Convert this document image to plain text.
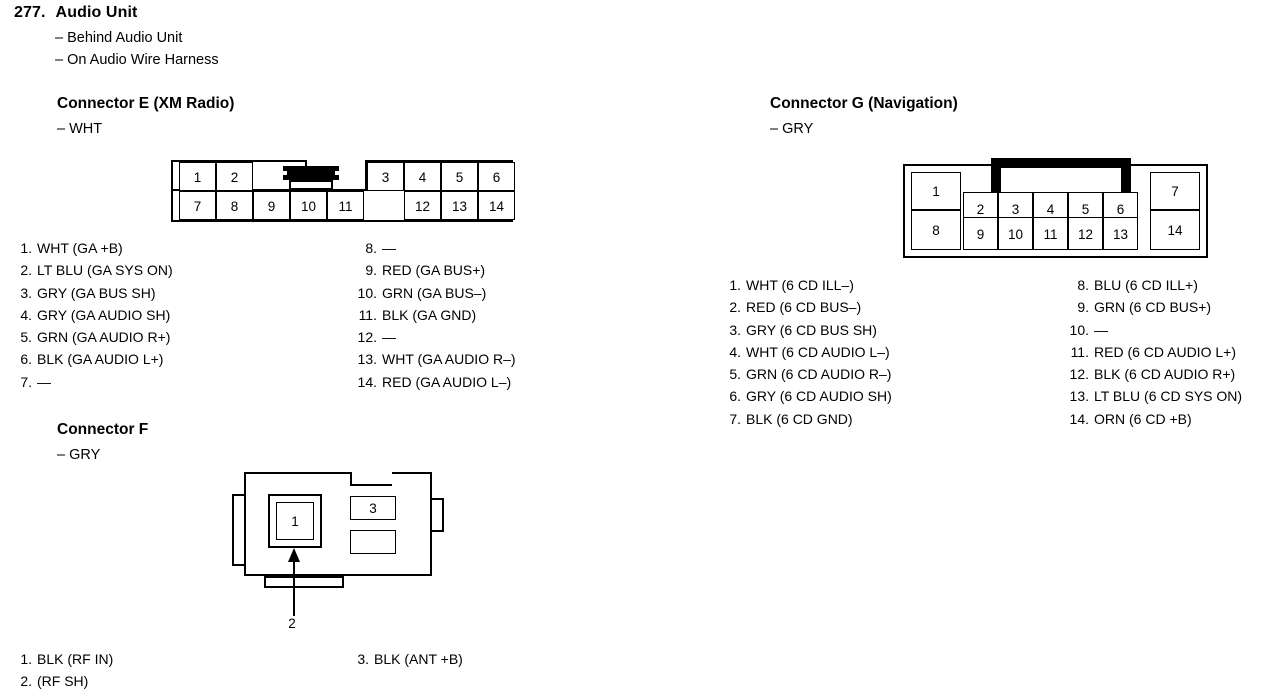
277. Audio Unit
– Behind Audio Unit
– On Audio Wire Harness
Connector E (XM Radio)
– WHT
1	2	3	4	5	6
7	8	9	10	11	12	13	14
1. WHT (GA +B)
2. LT BLU (GA SYS ON)
3. GRY (GA BUS SH)
4. GRY (GA AUDIO SH)
5. GRN (GA AUDIO R+)
6. BLK (GA AUDIO L+)
7. —
8. —
9. RED (GA BUS+)
10. GRN (GA BUS–)
11. BLK (GA GND)
12. —
13. WHT (GA AUDIO R–)
14. RED (GA AUDIO L–)
Connector F
– GRY
1
3
2
1. BLK (RF IN)
2. (RF SH)
3. BLK (ANT +B)
Connector G (Navigation)
– GRY
1
2	3	4	5	6
7
8	9	10	11	12	13	14
1. WHT (6 CD ILL–)
2. RED (6 CD BUS–)
3. GRY (6 CD BUS SH)
4. WHT (6 CD AUDIO L–)
5. GRN (6 CD AUDIO R–)
6. GRY (6 CD AUDIO SH)
7. BLK (6 CD GND)
8. BLU (6 CD ILL+)
9. GRN (6 CD BUS+)
10. —
11. RED (6 CD AUDIO L+)
12. BLK (6 CD AUDIO R+)
13. LT BLU (6 CD SYS ON)
14. ORN (6 CD +B)
